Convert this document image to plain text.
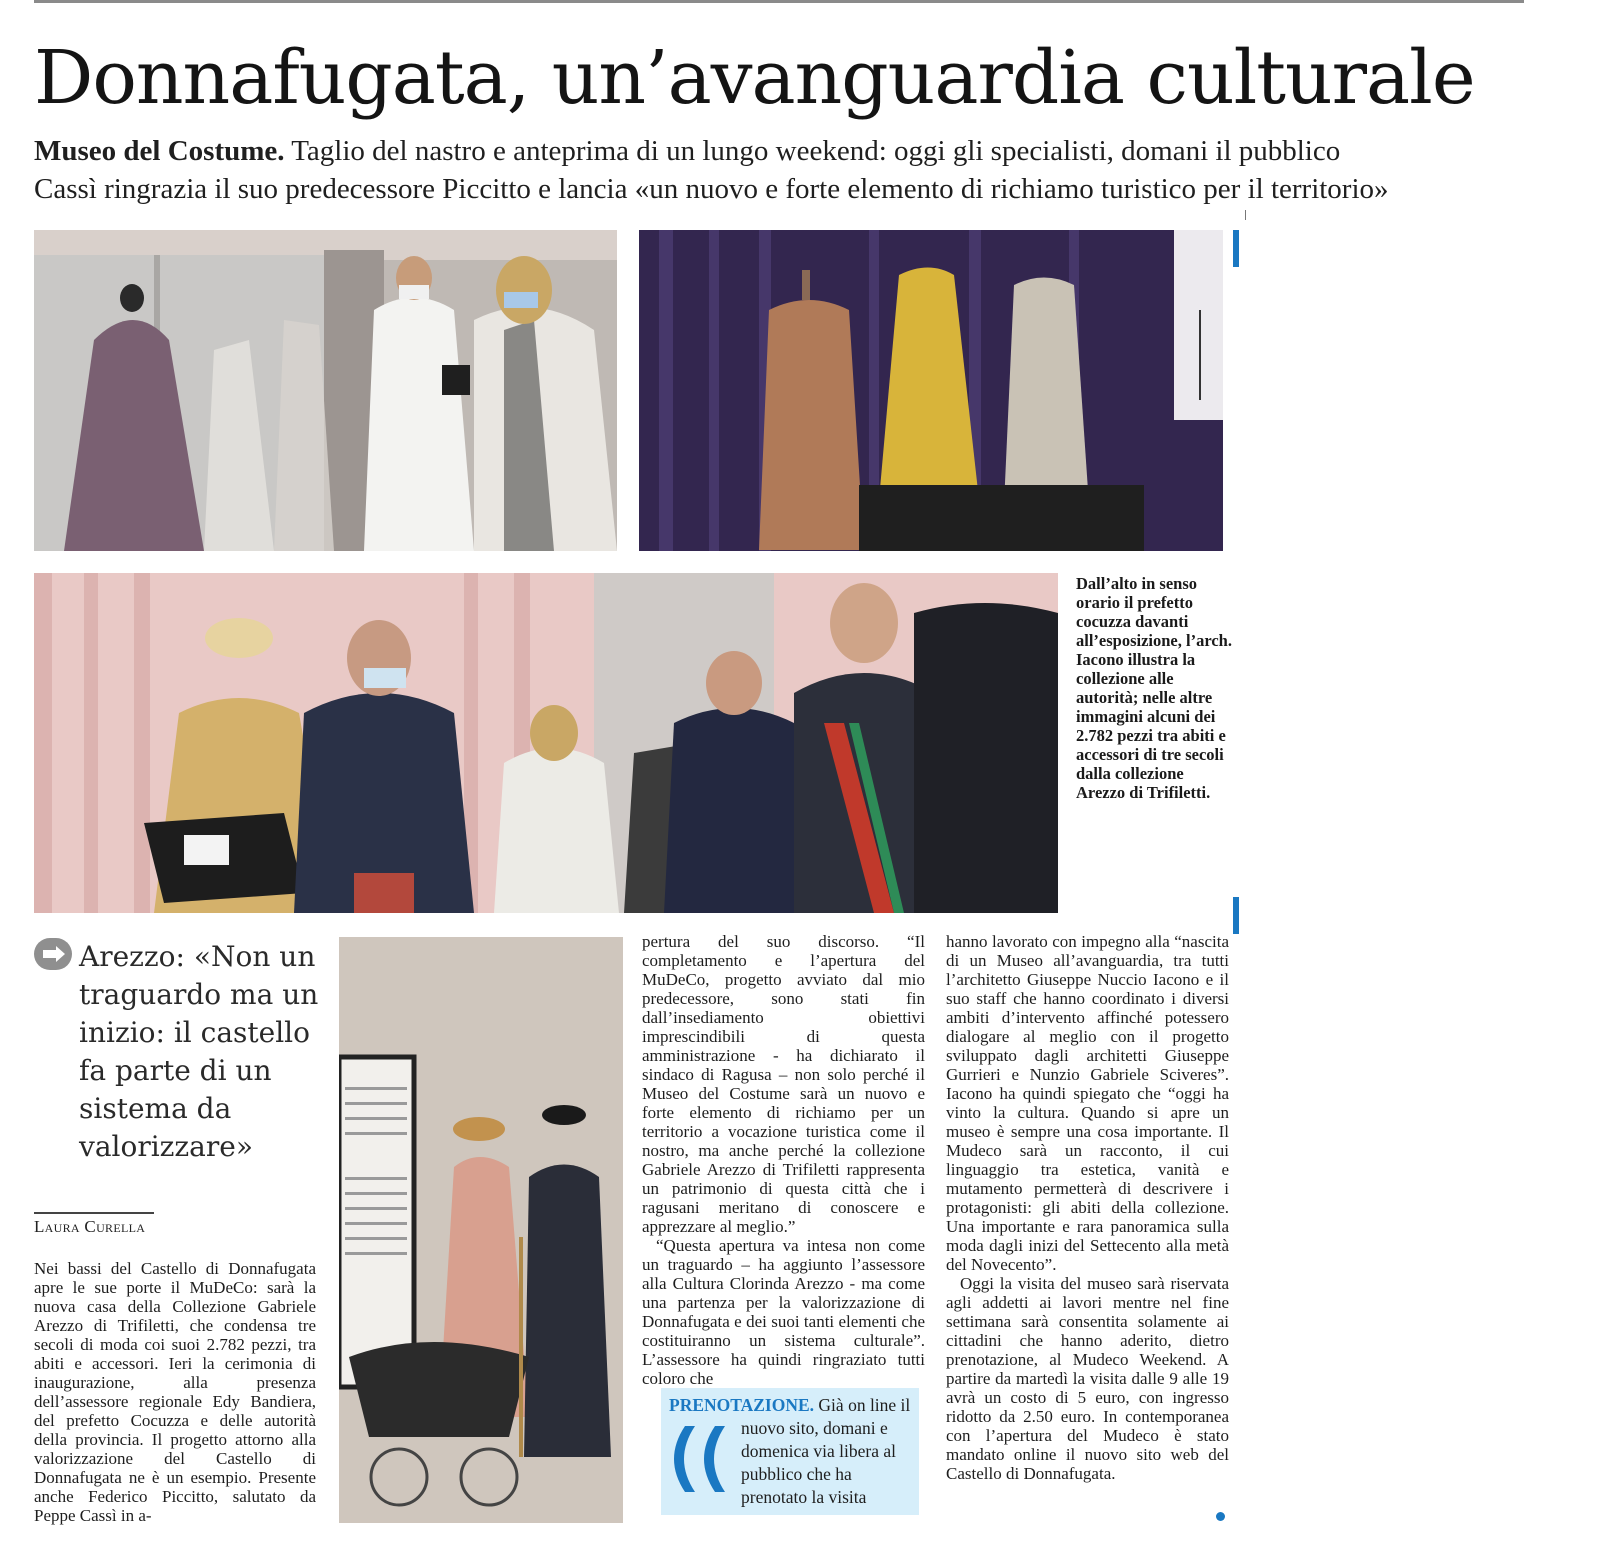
Donnafugata, un’avanguardia culturale
Museo del Costume. Taglio del nastro e anteprima di un lungo weekend: oggi gli specialisti, domani il pubblico
Cassì ringrazia il suo predecessore Piccitto e lancia «un nuovo e forte elemento di richiamo turistico per il territorio»
Dall’alto in senso orario il prefetto cocuzza davanti all’esposizione, l’arch. Iacono illustra la collezione alle autorità; nelle altre immagini alcuni dei 2.782 pezzi tra abiti e accessori di tre secoli dalla collezione Arezzo di Trifiletti.
Arezzo: «Non un traguardo ma un inizio: il castello fa parte di un sistema da valorizzare»
Laura Curella

Nei bassi del Castello di Donnafugata apre le sue porte il MuDeCo: sarà la nuova casa della Collezione Gabriele Arezzo di Trifiletti, che condensa tre secoli di moda coi suoi 2.782 pezzi, tra abiti e accessori. Ieri la cerimonia di inaugurazione, alla presenza dell’assessore regionale Edy Bandiera, del prefetto Cocuzza e delle autorità della provincia. Il progetto attorno alla valorizzazione del Castello di Donnafugata ne è un esempio. Presente anche Federico Piccitto, salutato da Peppe Cassì in a-

pertura del suo discorso. “Il completamento e l’apertura del MuDeCo, progetto avviato dal mio predecessore, sono stati fin dall’insediamento obiettivi imprescindibili di questa amministrazione - ha dichiarato il sindaco di Ragusa – non solo perché il Museo del Costume sarà un nuovo e forte elemento di richiamo per un territorio a vocazione turistica come il nostro, ma anche perché la collezione Gabriele Arezzo di Trifiletti rappresenta un patrimonio di questa città che i ragusani meritano di conoscere e apprezzare al meglio.”

“Questa apertura va intesa non come un traguardo – ha aggiunto l’assessore alla Cultura Clorinda Arezzo - ma come una partenza per la valorizzazione di Donnafugata e dei suoi tanti elementi che costituiranno un sistema culturale”. L’assessore ha quindi ringraziato tutti coloro che

hanno lavorato con impegno alla “nascita di un Museo all’avanguardia, tra tutti l’architetto Giuseppe Nuccio Iacono e il suo staff che hanno coordinato i diversi ambiti d’intervento affinché potessero dialogare al meglio con il progetto sviluppato dagli architetti Giuseppe Gurrieri e Nunzio Gabriele Sciveres”. Iacono ha quindi spiegato che “oggi ha vinto la cultura. Quando si apre un museo è sempre una cosa importante. Il Mudeco sarà un racconto, il cui linguaggio tra estetica, vanità e mutamento permetterà di descrivere i protagonisti: gli abiti della collezione. Una importante e rara panoramica sulla moda dagli inizi del Settecento alla metà del Novecento”.

Oggi la visita del museo sarà riservata agli addetti ai lavori mentre nel fine settimana sarà consentita solamente ai cittadini che hanno aderito, dietro prenotazione, al Mudeco Weekend. A partire da martedì la visita dalle 9 alle 19 avrà un costo di 5 euro, con ingresso ridotto da 2.50 euro. In contemporanea con l’apertura del Mudeco è stato mandato online il nuovo sito web del Castello di Donnafugata.

PRENOTAZIONE. Già on line il
nuovo sito, domani e domenica via libera al pubblico che ha prenotato la visita
